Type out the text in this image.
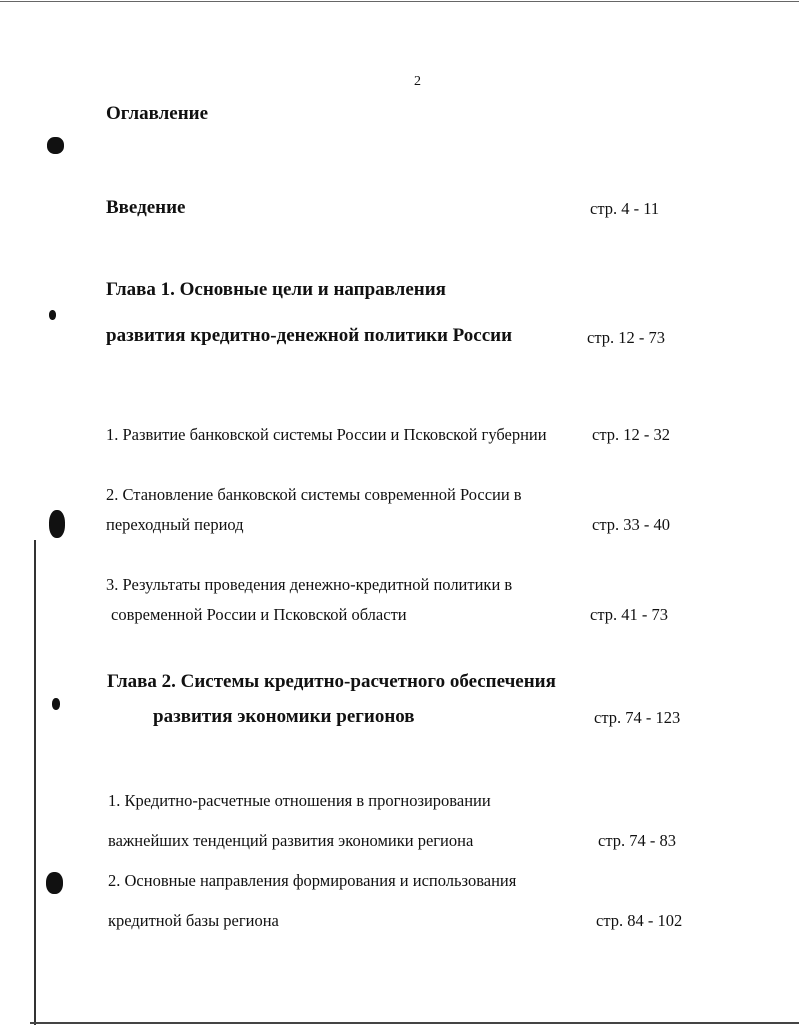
2
Оглавление
Введение	стр. 4 - 11
Глава 1. Основные цели и направления
развития кредитно-денежной политики России	стр. 12 - 73
1. Развитие банковской системы России и Псковской губернии	стр. 12 - 32
2. Становление банковской системы современной России в
переходный период	стр. 33 - 40
3. Результаты проведения денежно-кредитной политики в
современной России и Псковской области	стр. 41 - 73
Глава 2. Системы кредитно-расчетного обеспечения
развития экономики регионов	стр. 74 - 123
1. Кредитно-расчетные отношения в прогнозировании
важнейших тенденций развития экономики региона	стр. 74 - 83
2. Основные направления формирования и использования
кредитной базы региона	стр. 84 - 102
